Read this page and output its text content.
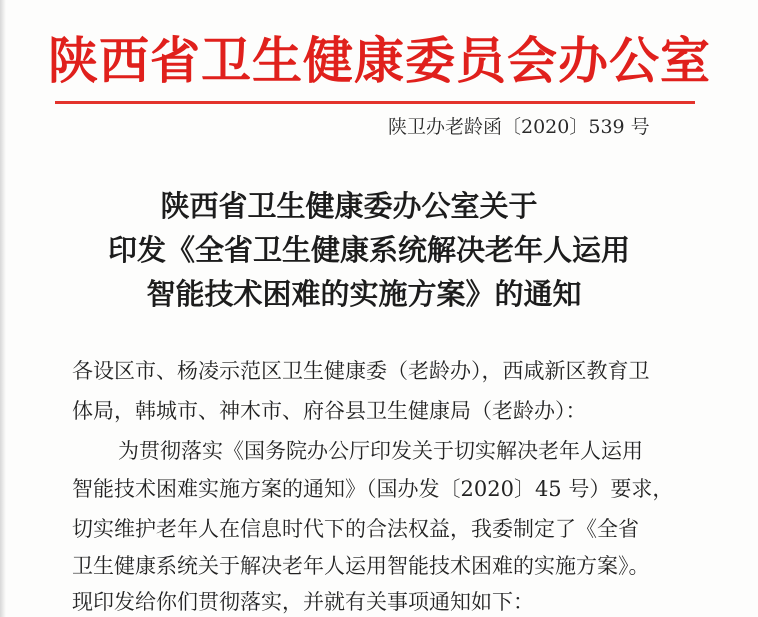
陕西省卫生健康委员会办公室
陕卫办老龄函〔2020〕539 号
陕西省卫生健康委办公室关于
印发《全省卫生健康系统解决老年人运用
智能技术困难的实施方案》的通知
各设区市、杨凌示范区卫生健康委（老龄办），西咸新区教育卫
体局，韩城市、神木市、府谷县卫生健康局（老龄办）：
为贯彻落实《国务院办公厅印发关于切实解决老年人运用
智能技术困难实施方案的通知》（国办发〔2020〕45 号）要求，
切实维护老年人在信息时代下的合法权益，我委制定了《全省
卫生健康系统关于解决老年人运用智能技术困难的实施方案》。
现印发给你们贯彻落实，并就有关事项通知如下：
